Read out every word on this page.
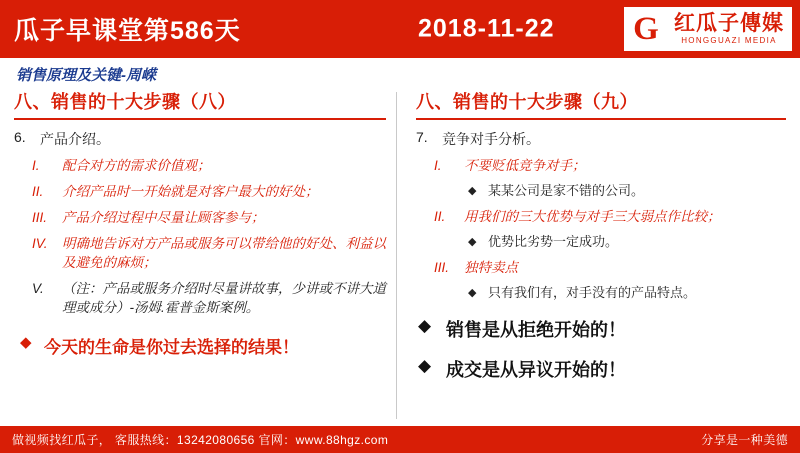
瓜子早课堂第586天	2018-11-22 G 红瓜子傳媒
HONGGUAZI MEDIA
销售原理及关键-周嵘
八、销售的十大步骤（八）
6.	产品介绍。
I.	配合对方的需求价值观；
II.	介绍产品时一开始就是对客户最大的好处；
III.	产品介绍过程中尽量让顾客参与；
IV.	明确地告诉对方产品或服务可以带给他的好处、利益以及避免的麻烦；
V.	（注：产品或服务介绍时尽量讲故事，少讲或不讲大道理或成分）-汤姆.霍普金斯案例。
◆ 今天的生命是你过去选择的结果！
八、销售的十大步骤（九）
7.	竞争对手分析。
I.	不要贬低竞争对手；
◆ 某某公司是家不错的公司。
II.	用我们的三大优势与对手三大弱点作比较；
◆ 优势比劣势一定成功。
III.	独特卖点
◆ 只有我们有，对手没有的产品特点。
◆ 销售是从拒绝开始的！
◆ 成交是从异议开始的！
做视频找红瓜子， 客服热线：13242080656 官网：www.88hgz.com	分享是一种美德
